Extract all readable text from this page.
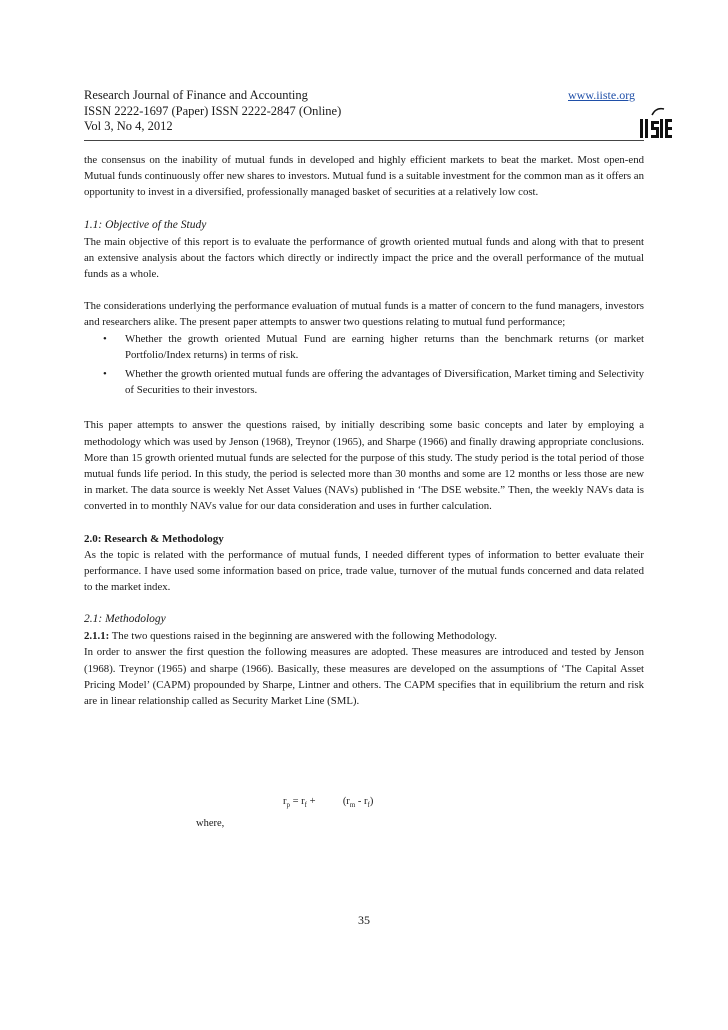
Research Journal of Finance and Accounting
ISSN 2222-1697 (Paper) ISSN 2222-2847 (Online)
Vol 3, No 4, 2012
www.iiste.org

the consensus on the inability of mutual funds in developed and highly efficient markets to beat the market. Most open-end Mutual funds continuously offer new shares to investors. Mutual fund is a suitable investment for the common man as it offers an opportunity to invest in a diversified, professionally managed basket of securities at a relatively low cost.

1.1: Objective of the Study

The main objective of this report is to evaluate the performance of growth oriented mutual funds and along with that to present an extensive analysis about the factors which directly or indirectly impact the price and the overall performance of the mutual funds as a whole.

The considerations underlying the performance evaluation of mutual funds is a matter of concern to the fund managers, investors and researchers alike. The present paper attempts to answer two questions relating to mutual fund performance;

• Whether the growth oriented Mutual Fund are earning higher returns than the benchmark returns (or market Portfolio/Index returns) in terms of risk.
• Whether the growth oriented mutual funds are offering the advantages of Diversification, Market timing and Selectivity of Securities to their investors.

This paper attempts to answer the questions raised, by initially describing some basic concepts and later by employing a methodology which was used by Jenson (1968), Treynor (1965), and Sharpe (1966) and finally drawing appropriate conclusions. More than 15 growth oriented mutual funds are selected for the purpose of this study. The study period is the total period of those mutual funds life period. In this study, the period is selected more than 30 months and some are 12 months or less those are new in market. The data source is weekly Net Asset Values (NAVs) published in ‘The DSE website.” Then, the weekly NAVs data is converted in to monthly NAVs value for our data consideration and uses in further calculation.

2.0: Research & Methodology

As the topic is related with the performance of mutual funds, I needed different types of information to better evaluate their performance. I have used some information based on price, trade value, turnover of the mutual funds concerned and data related to the market index.

2.1: Methodology

2.1.1: The two questions raised in the beginning are answered with the following Methodology.

In order to answer the first question the following measures are adopted. These measures are introduced and tested by Jenson (1968). Treynor (1965) and sharpe (1966). Basically, these measures are developed on the assumptions of ‘The Capital Asset Pricing Model’ (CAPM) propounded by Sharpe, Lintner and others. The CAPM specifies that in equilibrium the return and risk are in linear relationship called as Security Market Line (SML).

$r_p = r_f$ +	$(r_m - r_f)$
where,
35
